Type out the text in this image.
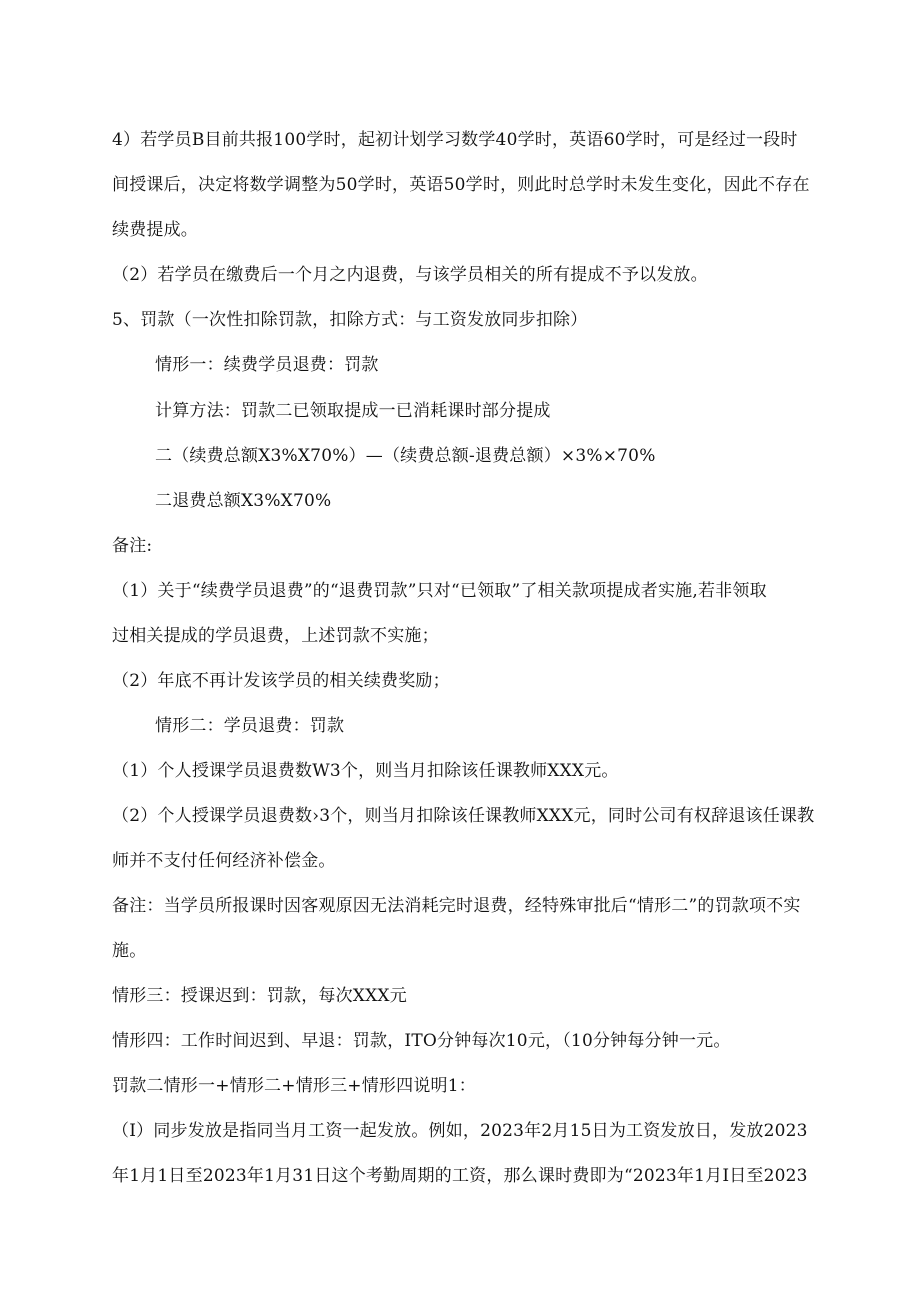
4）若学员B目前共报100学时，起初计划学习数学40学时，英语60学时，可是经过一段时
间授课后，决定将数学调整为50学时，英语50学时，则此时总学时未发生变化，因此不存在
续费提成。
（2）若学员在缴费后一个月之内退费，与该学员相关的所有提成不予以发放。
5、罚款（一次性扣除罚款，扣除方式：与工资发放同步扣除）
情形一：续费学员退费：罚款
计算方法：罚款二已领取提成一已消耗课时部分提成
二（续费总额X3%X70%）—（续费总额-退费总额）×3%×70%
二退费总额X3%X70%
备注:
（1）关于“续费学员退费”的“退费罚款”只对“已领取”了相关款项提成者实施,若非领取
过相关提成的学员退费，上述罚款不实施；
（2）年底不再计发该学员的相关续费奖励；
情形二：学员退费：罚款
（1）个人授课学员退费数W3个，则当月扣除该任课教师XXX元。
（2）个人授课学员退费数›3个，则当月扣除该任课教师XXX元，同时公司有权辞退该任课教
师并不支付任何经济补偿金。
备注：当学员所报课时因客观原因无法消耗完时退费，经特殊审批后“情形二”的罚款项不实
施。
情形三：授课迟到：罚款，每次XXX元
情形四：工作时间迟到、早退：罚款，ITO分钟每次10元，（10分钟每分钟一元。
罚款二情形一+情形二+情形三+情形四说明1：
（I）同步发放是指同当月工资一起发放。例如，2023年2月15日为工资发放日，发放2023
年1月1日至2023年1月31日这个考勤周期的工资，那么课时费即为“2023年1月I日至2023
